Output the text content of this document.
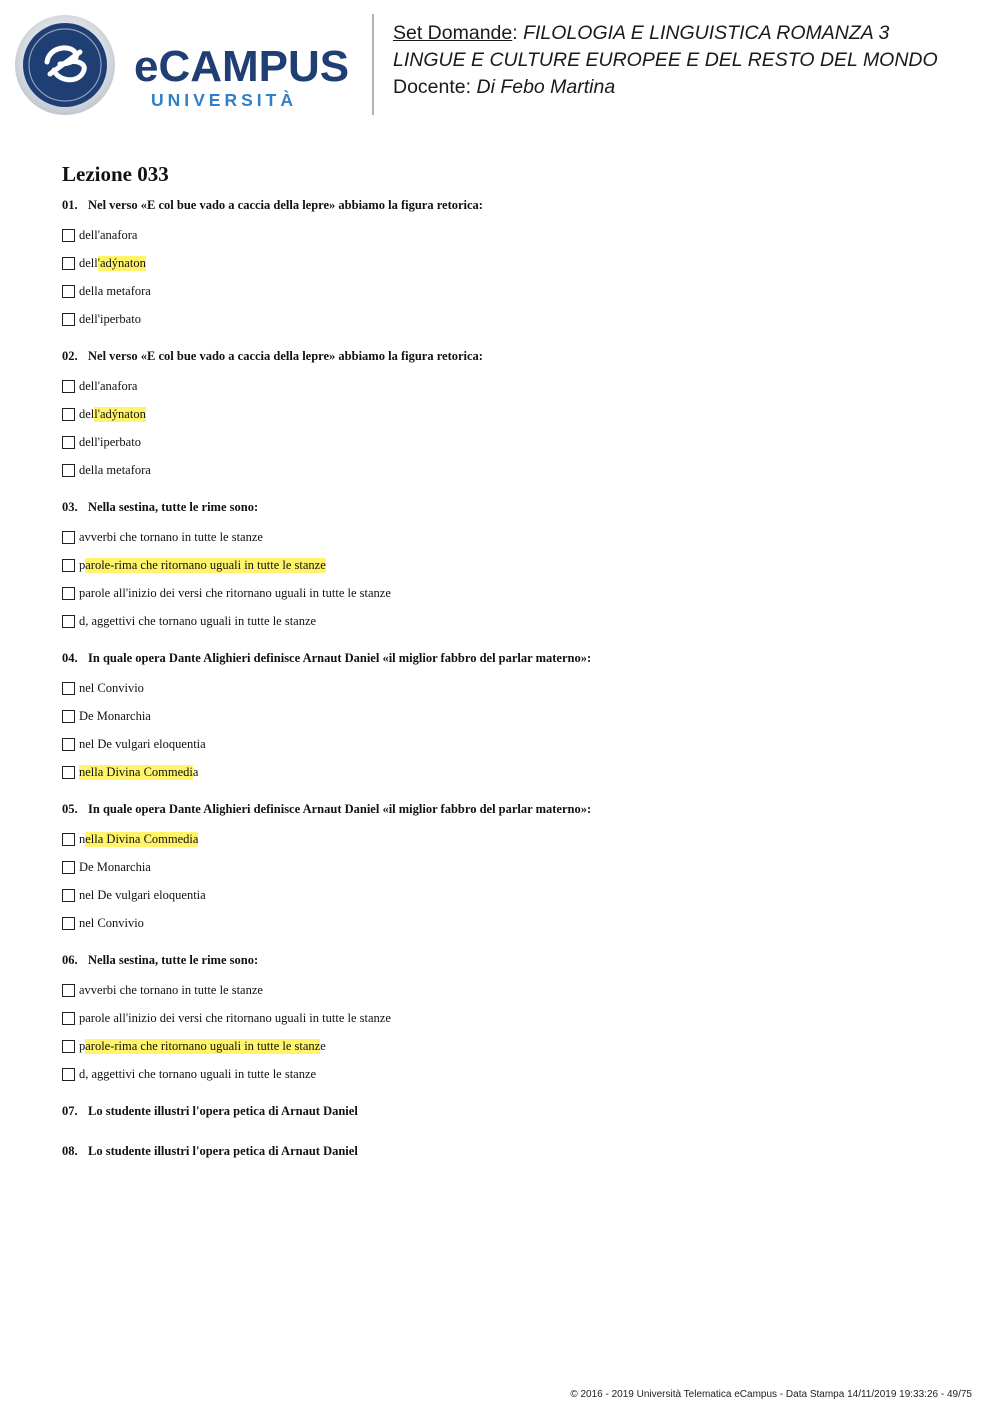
eCAMPUS
UNIVERSITÀ
Set Domande: FILOLOGIA E LINGUISTICA ROMANZA 3
LINGUE E CULTURE EUROPEE E DEL RESTO DEL MONDO
Docente: Di Febo Martina
Lezione 033
01. Nel verso «E col bue vado a caccia della lepre» abbiamo la figura retorica:
dell'anafora
dell 'adýnaton
della metafora
dell'iperbato
02. Nel verso «E col bue vado a caccia della lepre» abbiamo la figura retorica:
dell'anafora
del l'adýnaton
dell'iperbato
della metafora
03. Nella sestina, tutte le rime sono:
avverbi che tornano in tutte le stanze
p arole-rima che ritornano uguali in tutte le stanze
parole all'inizio dei versi che ritornano uguali in tutte le stanze
d, aggettivi che tornano uguali in tutte le stanze
04. In quale opera Dante Alighieri definisce Arnaut Daniel «il miglior fabbro del parlar materno»:
nel Convivio
De Monarchia
nel De vulgari eloquentia
nella Divina Commedi a
05. In quale opera Dante Alighieri definisce Arnaut Daniel «il miglior fabbro del parlar materno»:
n ella Divina Commedia
De Monarchia
nel De vulgari eloquentia
nel Convivio
06. Nella sestina, tutte le rime sono:
avverbi che tornano in tutte le stanze
parole all'inizio dei versi che ritornano uguali in tutte le stanze
p arole-rima che ritornano uguali in tutte le stanz e
d, aggettivi che tornano uguali in tutte le stanze
07. Lo studente illustri l'opera petica di Arnaut Daniel
08. Lo studente illustri l'opera petica di Arnaut Daniel
© 2016 - 2019 Università Telematica eCampus - Data Stampa 14/11/2019 19:33:26 - 49/75
